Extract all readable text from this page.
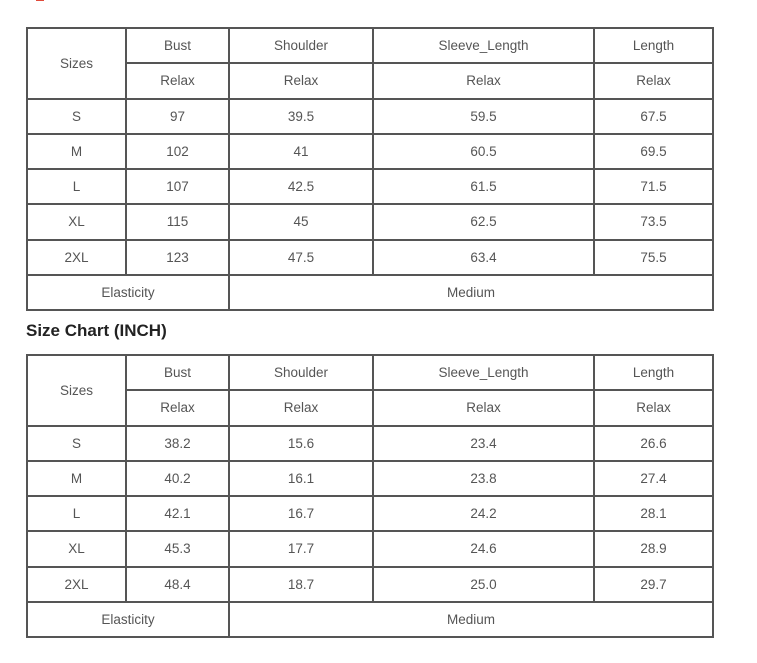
Sizes	Bust	Shoulder	Sleeve_Length	Length
	Relax	Relax	Relax	Relax
S	97	39.5	59.5	67.5
M	102	41	60.5	69.5
L	107	42.5	61.5	71.5
XL	115	45	62.5	73.5
2XL	123	47.5	63.4	75.5
Elasticity		Medium		
Size Chart (INCH)
Sizes	Bust	Shoulder	Sleeve_Length	Length
	Relax	Relax	Relax	Relax
S	38.2	15.6	23.4	26.6
M	40.2	16.1	23.8	27.4
L	42.1	16.7	24.2	28.1
XL	45.3	17.7	24.6	28.9
2XL	48.4	18.7	25.0	29.7
Elasticity		Medium		
